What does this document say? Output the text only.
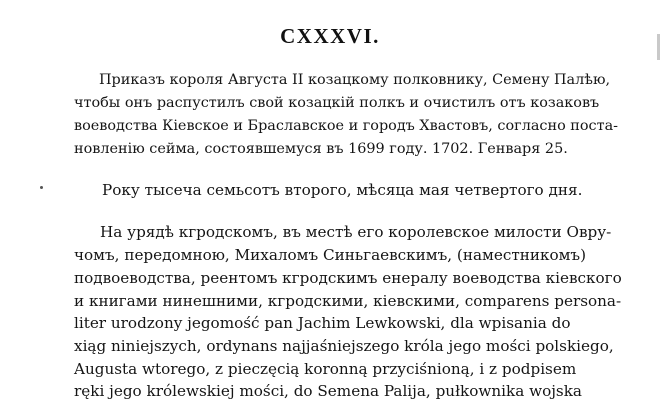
CXXXVI.
Приказъ короля Августа II козацкому полковнику, Семену Палѣю,
чтобы онъ распустилъ свой козацкій полкъ и очистилъ отъ козаковъ
воеводства Кіевское и Браславское и городъ Хвастовъ, согласно поста-
новленію сейма, состоявшемуся въ 1699 году. 1702. Генваря 25.
Року тысеча семьсотъ второго, мѣсяца мая четвертого дня.
На урядѣ кгродскомъ, въ местѣ его королевское милости Овру-
чомъ, передомною, Михаломъ Синьгаевскимъ, (наместникомъ)
подвоеводства, реентомъ кгродскимъ енералу воеводства кіевского
и книгами нинешними, кгродскими, кіевскими, comparens persona-
liter urodzony jegomość pan Jachim Lewkowski, dla wpisania do
xiąg niniejszych, ordynans najjaśniejszego króla jego mości polskiego,
Augusta wtorego, z pieczęcią koronną przyciśnioną, i z podpisem
ręki jego królewskiej mości, do Semena Palija, pułkownika wojska
